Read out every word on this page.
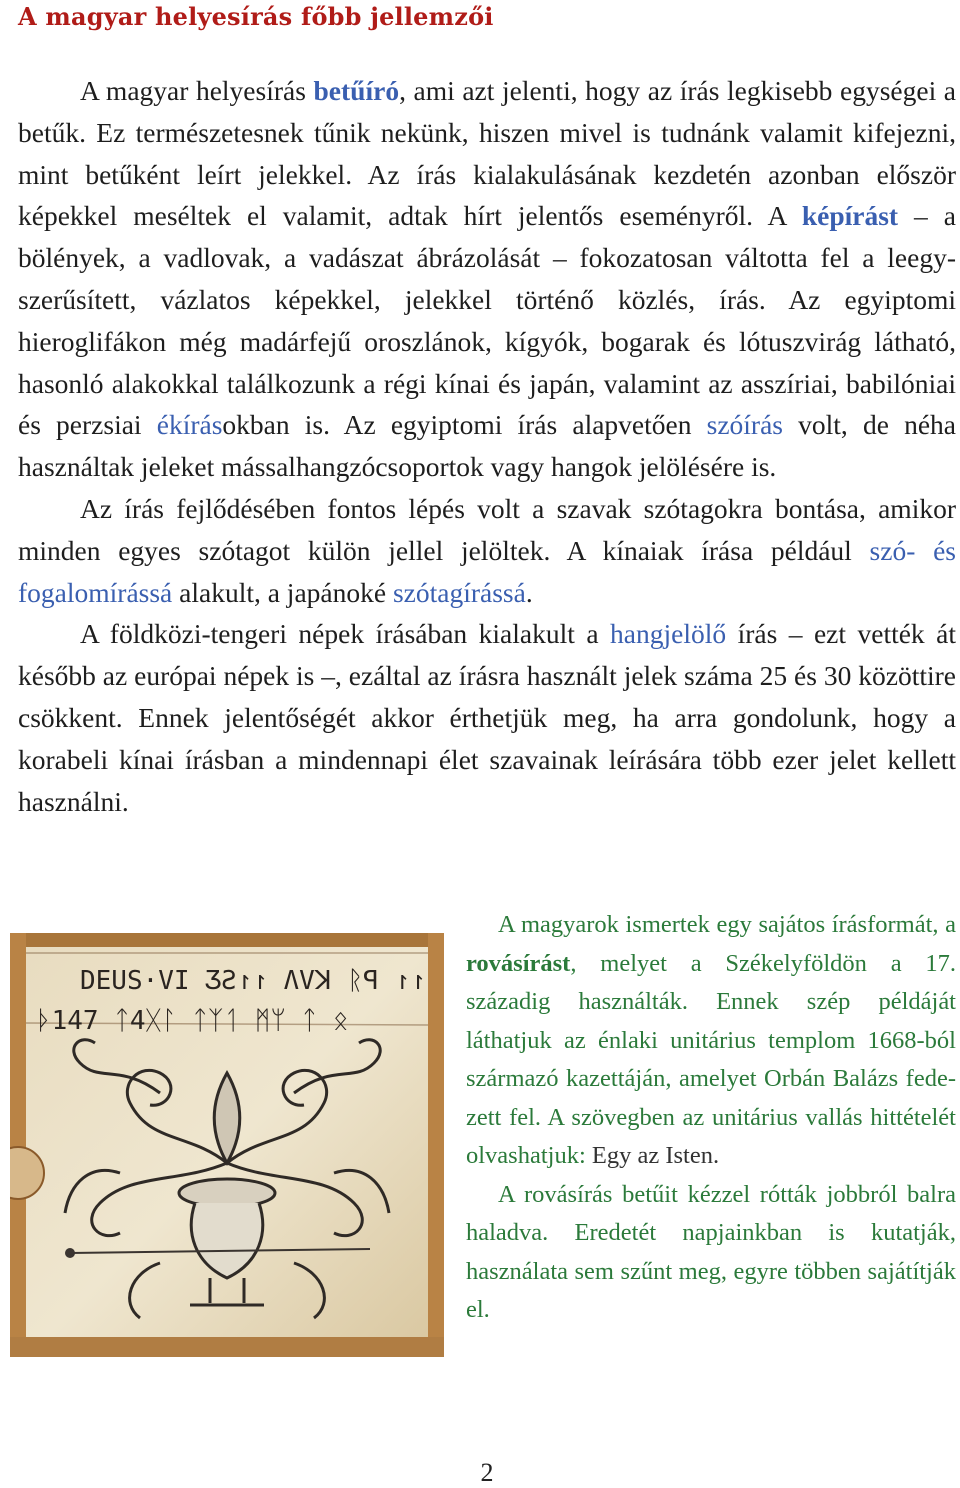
A magyar helyesírás főbb jellemzői

A magyar helyesírás betűíró, ami azt jelenti, hogy az írás legkisebb egységei a betűk. Ez természetesnek tűnik nekünk, hiszen mivel is tudnánk valamit kifejezni, mint betűként leírt jelekkel. Az írás kialakulásának kezdetén azonban először képekkel meséltek el valamit, adtak hírt jelentős eseményről. A képírást – a bölények, a vadlovak, a vadászat ábrázolását – fokozatosan váltotta fel a leegyszerűsített, vázlatos képekkel, jelekkel történő közlés, írás. Az egyiptomi hieroglifákon még madárfejű oroszlánok, kígyók, bogarak és lótuszvirág látható, hasonló alakokkal találkozunk a régi kínai és japán, valamint az asszíriai, babilóniai és perzsiai ékírásokban is. Az egyiptomi írás alapvetően szóírás volt, de néha használtak jeleket mássalhangzócsoportok vagy hangok jelölésére is.

Az írás fejlődésében fontos lépés volt a szavak szótagokra bontása, amikor minden egyes szótagot külön jellel jelöltek. A kínaiak írása például szó- és fogalomírássá alakult, a japánoké szótagírássá.

A földközi-tengeri népek írásában kialakult a hangjelölő írás – ezt vették át később az európai népek is –, ezáltal az írásra használt jelek száma 25 és 30 közöttire csökkent. Ennek jelentőségét akkor érthetjük meg, ha arra gondolunk, hogy a korabeli kínai írásban a mindennapi élet szavainak leírására több ezer jelet kellett használni.

DEUS·VI ƷƧ↾↾ ɅVꓘ ᚱꟼ ↾↾
ᚦ147 ᛏ4ᚷᛚ ᛏᛉᛐ ᛗᛘ ᛏ ᛟ

A magyarok ismertek egy sajátos írásformát, a rovásírást, melyet a Székelyföldön a 17. századig használták. Ennek szép példáját láthatjuk az énlaki unitárius templom 1668-ból származó kazettáján, amelyet Orbán Balázs fedezett fel. A szövegben az unitárius vallás hittételét olvashatjuk: Egy az Isten.

A rovásírás betűit kézzel rótták jobbról balra haladva. Eredetét napjainkban is kutatják, használata sem szűnt meg, egyre többen sajátítják el.

2
